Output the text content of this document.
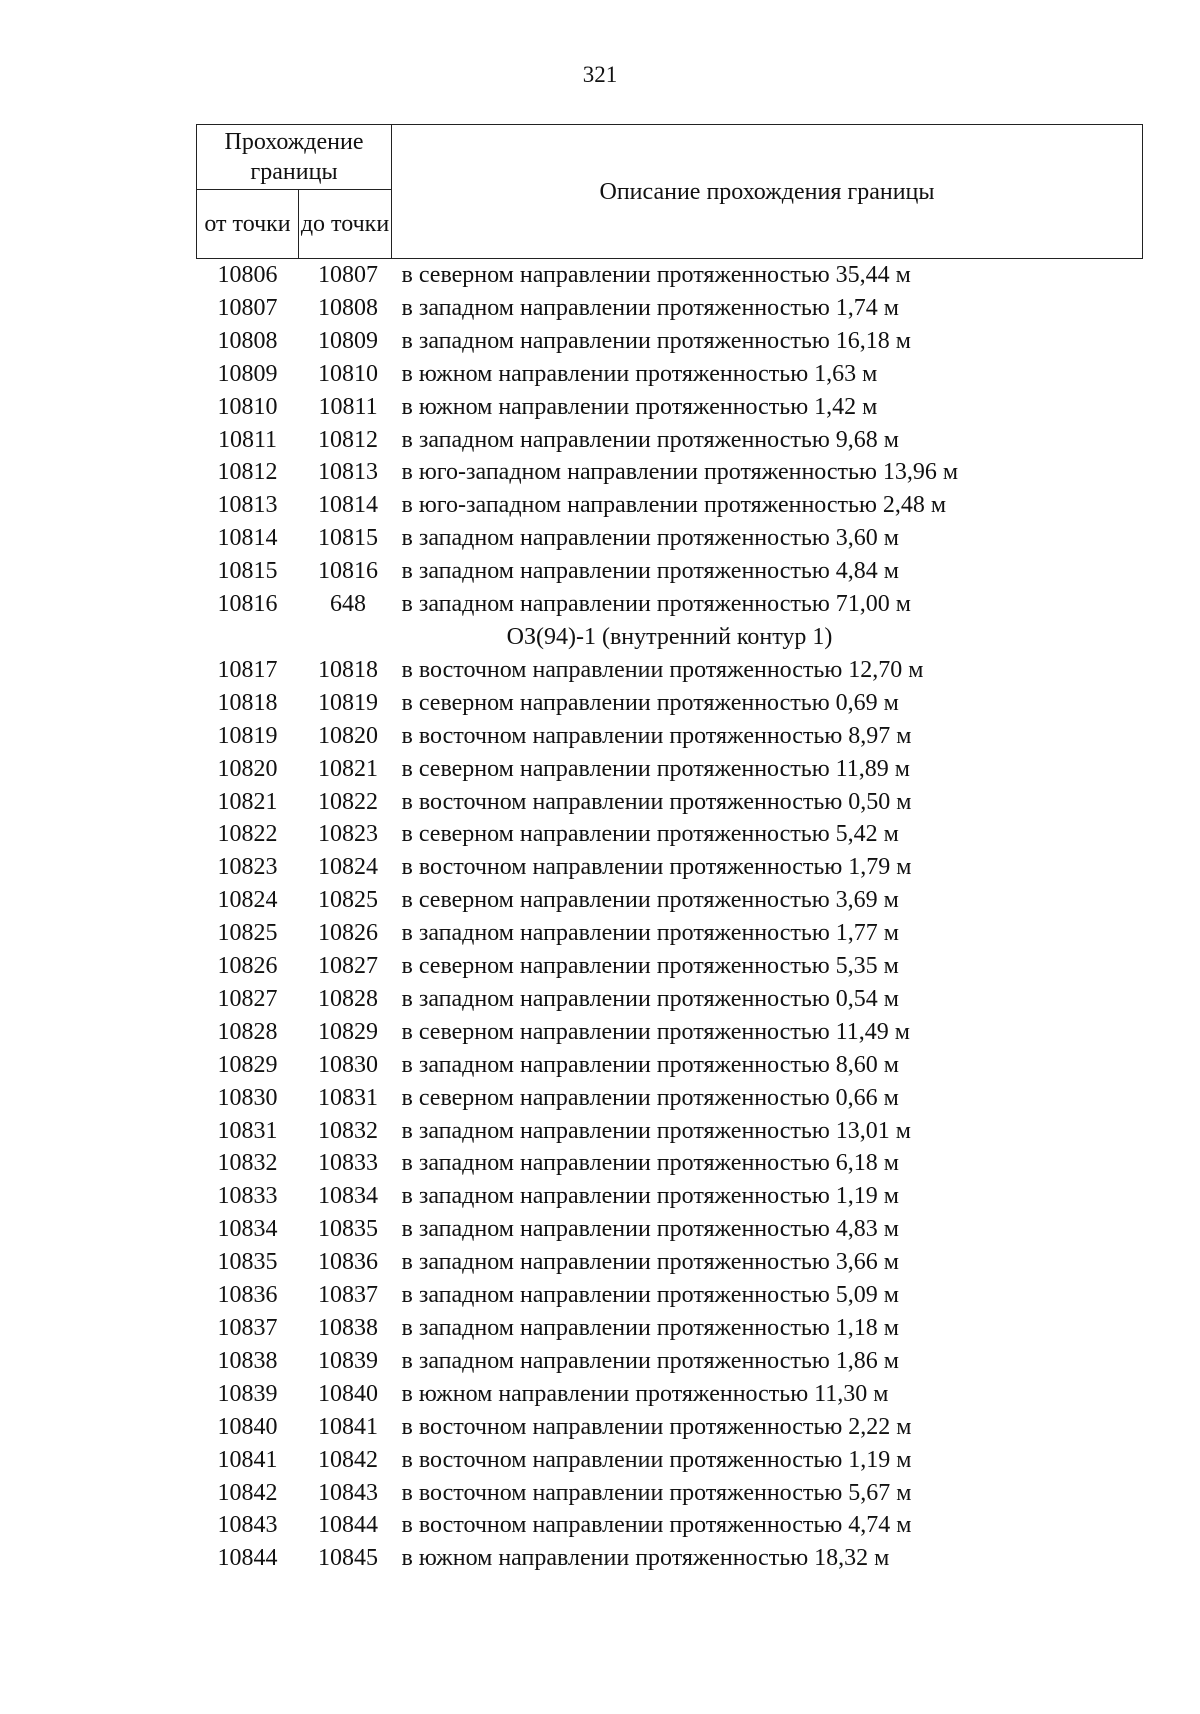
321
Прохождение границы		Описание прохождения границы
от точки	до точки	
10806	10807	в северном направлении протяженностью 35,44 м
10807	10808	в западном направлении протяженностью 1,74 м
10808	10809	в западном направлении протяженностью 16,18 м
10809	10810	в южном направлении протяженностью 1,63 м
10810	10811	в южном направлении протяженностью 1,42 м
10811	10812	в западном направлении протяженностью 9,68 м
10812	10813	в юго-западном направлении протяженностью 13,96 м
10813	10814	в юго-западном направлении протяженностью 2,48 м
10814	10815	в западном направлении протяженностью 3,60 м
10815	10816	в западном направлении протяженностью 4,84 м
10816	648	в западном направлении протяженностью 71,00 м
ОЗ(94)-1 (внутренний контур 1)		
10817	10818	в восточном направлении протяженностью 12,70 м
10818	10819	в северном направлении протяженностью 0,69 м
10819	10820	в восточном направлении протяженностью 8,97 м
10820	10821	в северном направлении протяженностью 11,89 м
10821	10822	в восточном направлении протяженностью 0,50 м
10822	10823	в северном направлении протяженностью 5,42 м
10823	10824	в восточном направлении протяженностью 1,79 м
10824	10825	в северном направлении протяженностью 3,69 м
10825	10826	в западном направлении протяженностью 1,77 м
10826	10827	в северном направлении протяженностью 5,35 м
10827	10828	в западном направлении протяженностью 0,54 м
10828	10829	в северном направлении протяженностью 11,49 м
10829	10830	в западном направлении протяженностью 8,60 м
10830	10831	в северном направлении протяженностью 0,66 м
10831	10832	в западном направлении протяженностью 13,01 м
10832	10833	в западном направлении протяженностью 6,18 м
10833	10834	в западном направлении протяженностью 1,19 м
10834	10835	в западном направлении протяженностью 4,83 м
10835	10836	в западном направлении протяженностью 3,66 м
10836	10837	в западном направлении протяженностью 5,09 м
10837	10838	в западном направлении протяженностью 1,18 м
10838	10839	в западном направлении протяженностью 1,86 м
10839	10840	в южном направлении протяженностью 11,30 м
10840	10841	в восточном направлении протяженностью 2,22 м
10841	10842	в восточном направлении протяженностью 1,19 м
10842	10843	в восточном направлении протяженностью 5,67 м
10843	10844	в восточном направлении протяженностью 4,74 м
10844	10845	в южном направлении протяженностью 18,32 м
